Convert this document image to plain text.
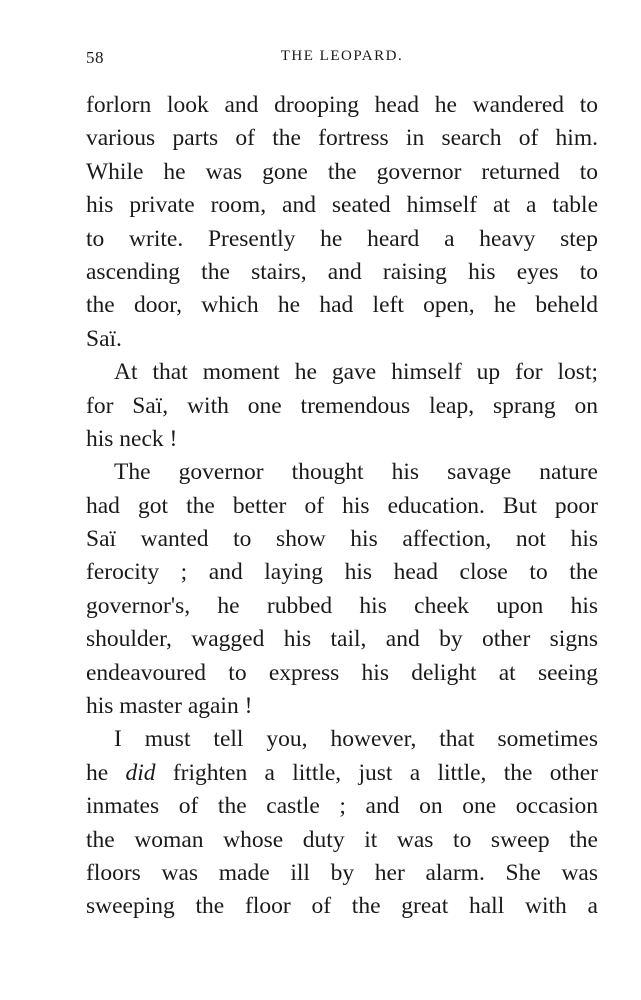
58	THE LEOPARD.
forlorn look and drooping head he wandered to
various parts of the fortress in search of him.
While he was gone the governor returned to
his private room, and seated himself at a table
to write. Presently he heard a heavy step
ascending the stairs, and raising his eyes to
the door, which he had left open, he beheld
Saï.
At that moment he gave himself up for lost;
for Saï, with one tremendous leap, sprang on
his neck !
The governor thought his savage nature
had got the better of his education. But poor
Saï wanted to show his affection, not his
ferocity ; and laying his head close to the
governor's, he rubbed his cheek upon his
shoulder, wagged his tail, and by other signs
endeavoured to express his delight at seeing
his master again !
I must tell you, however, that sometimes
he did frighten a little, just a little, the other
inmates of the castle ; and on one occasion
the woman whose duty it was to sweep the
floors was made ill by her alarm. She was
sweeping the floor of the great hall with a
